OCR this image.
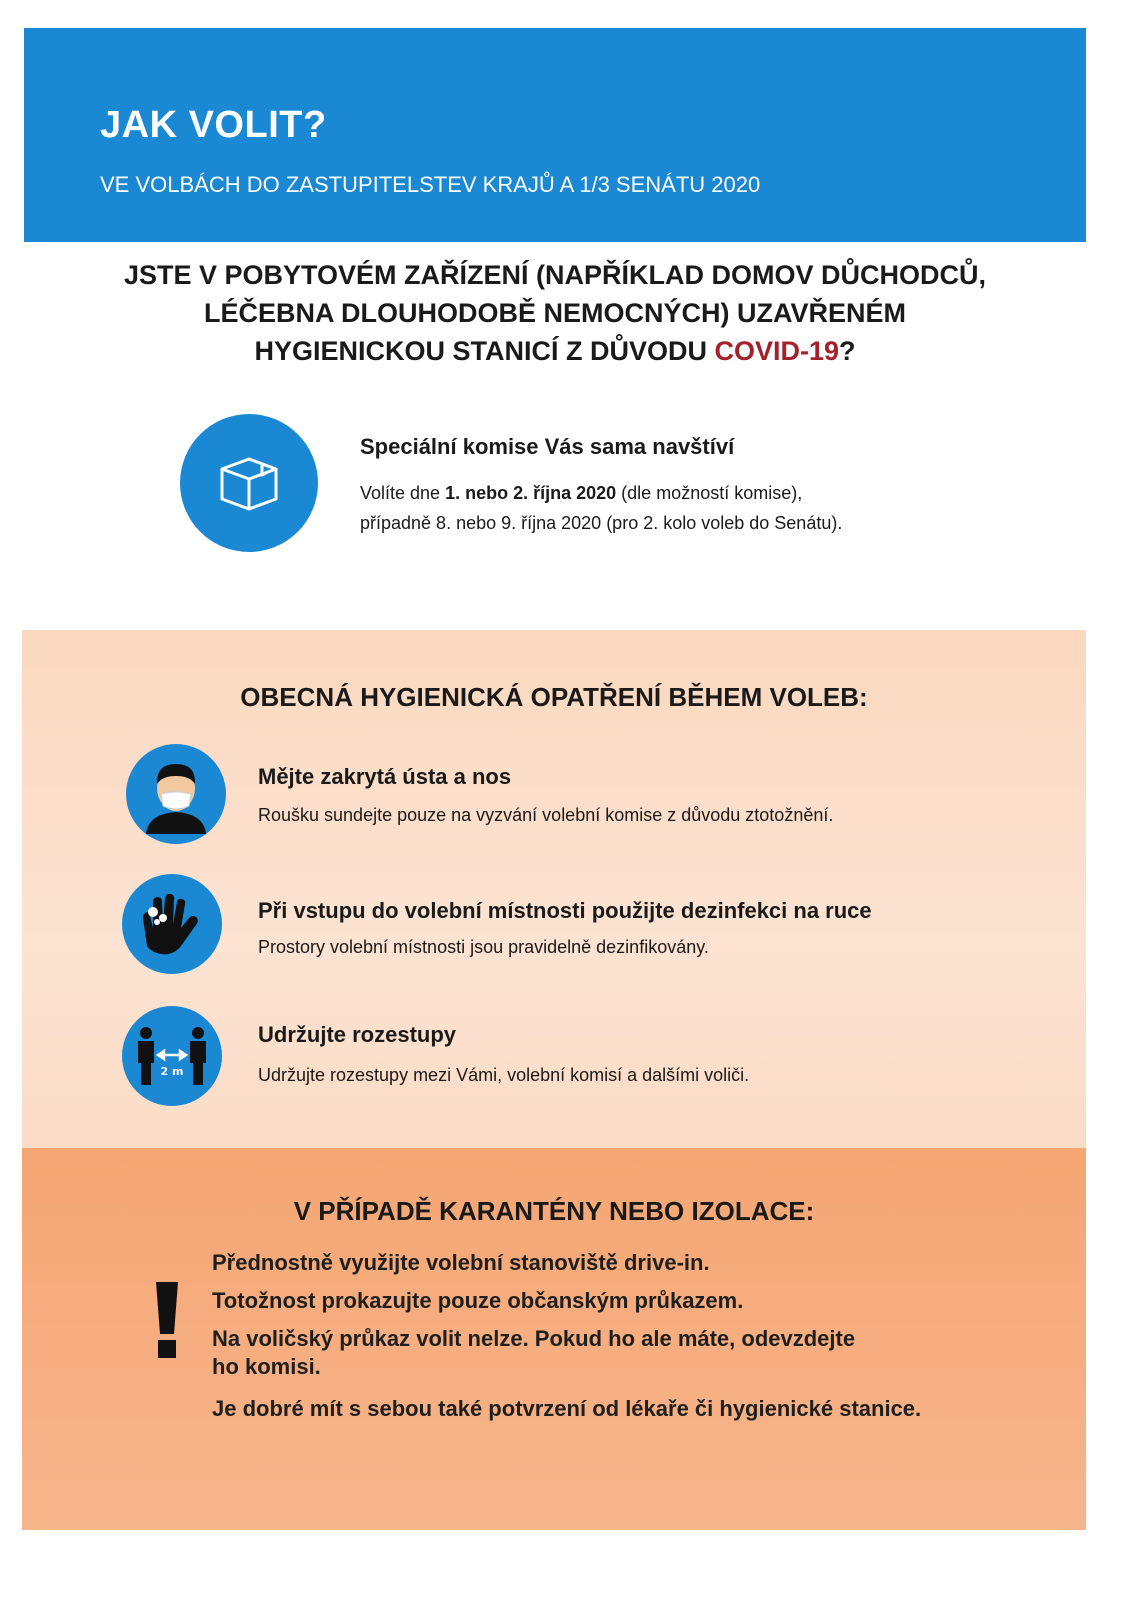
JAK VOLIT?
VE VOLBÁCH DO ZASTUPITELSTEV KRAJŮ A 1/3 SENÁTU 2020
JSTE V POBYTOVÉM ZAŘÍZENÍ (NAPŘÍKLAD DOMOV DŮCHODCŮ,
LÉČEBNA DLOUHODOBĚ NEMOCNÝCH) UZAVŘENÉM
HYGIENICKOU STANICÍ Z DŮVODU COVID-19?
Speciální komise Vás sama navštíví
Volíte dne 1. nebo 2. října 2020 (dle možností komise),
případně 8. nebo 9. října 2020 (pro 2. kolo voleb do Senátu).
OBECNÁ HYGIENICKÁ OPATŘENÍ BĚHEM VOLEB:
Mějte zakrytá ústa a nos
Roušku sundejte pouze na vyzvání volební komise z důvodu ztotožnění.
Při vstupu do volební místnosti použijte dezinfekci na ruce
Prostory volební místnosti jsou pravidelně dezinfikovány.
2 m
Udržujte rozestupy
Udržujte rozestupy mezi Vámi, volební komisí a dalšími voliči.
V PŘÍPADĚ KARANTÉNY NEBO IZOLACE:
Přednostně využijte volební stanoviště drive-in.
Totožnost prokazujte pouze občanským průkazem.
Na voličský průkaz volit nelze. Pokud ho ale máte, odevzdejte
ho komisi.
Je dobré mít s sebou také potvrzení od lékaře či hygienické stanice.
